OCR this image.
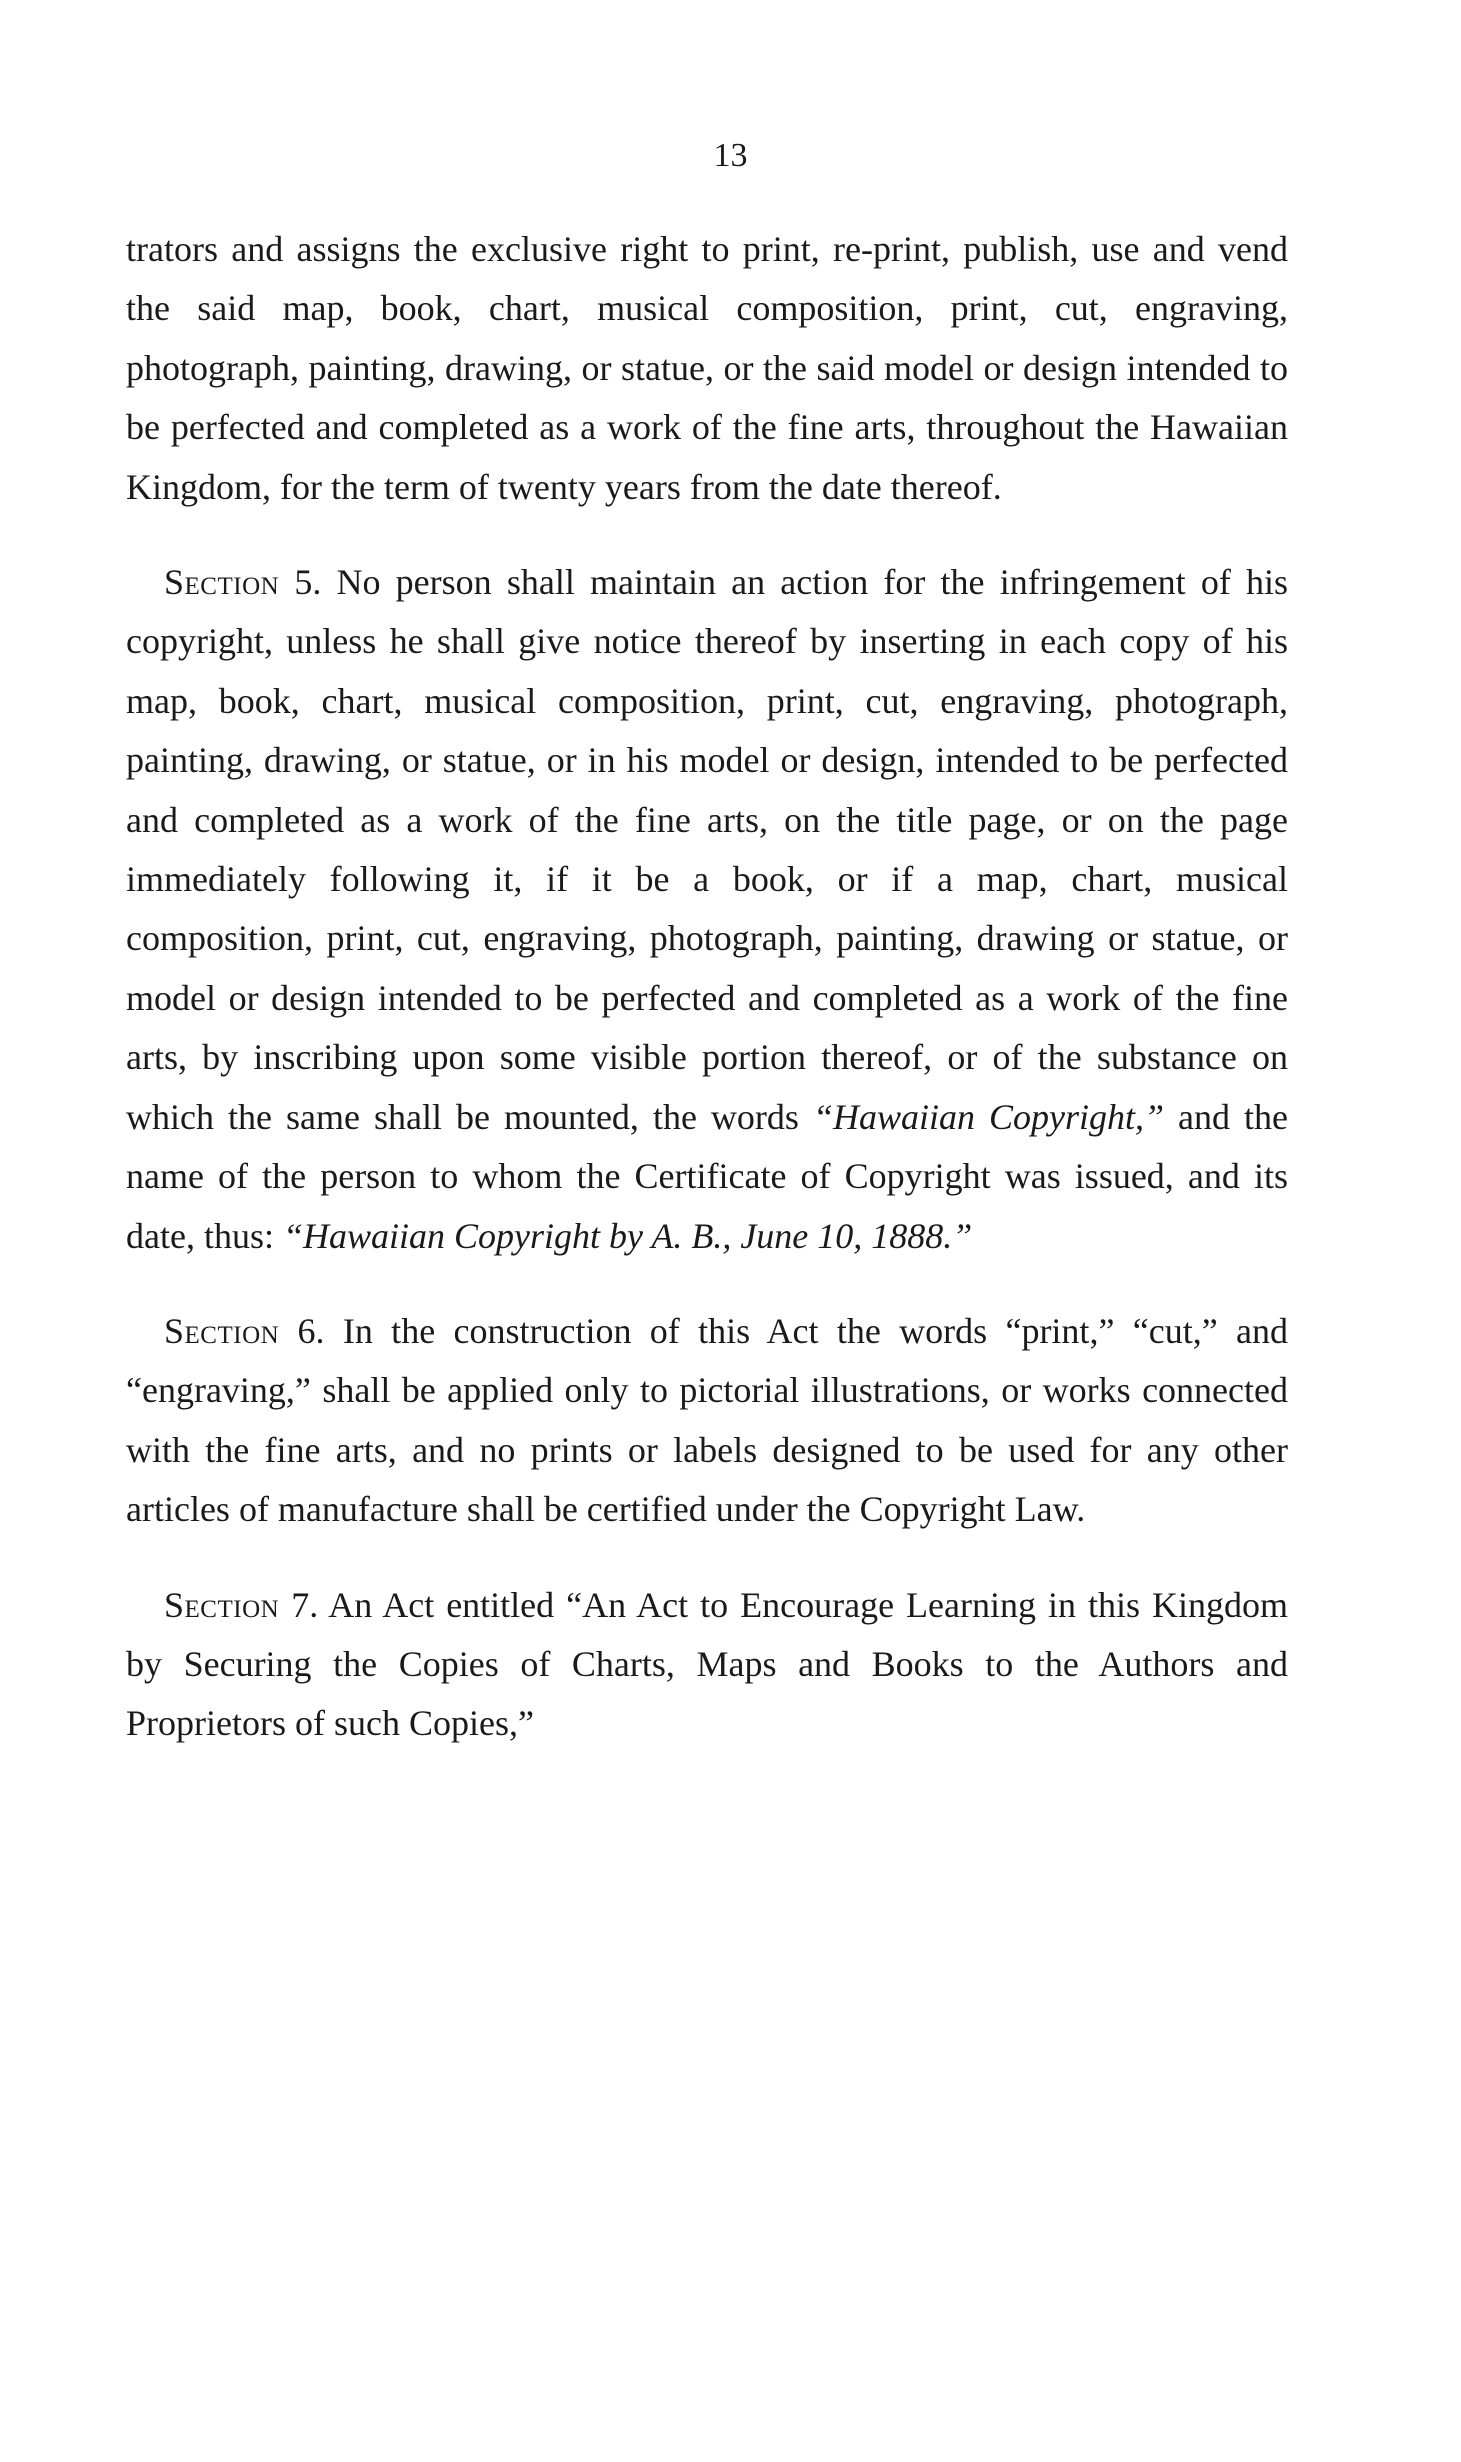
13

trators and assigns the exclusive right to print, re-print, publish, use and vend the said map, book, chart, musical composition, print, cut, engraving, photograph, painting, drawing, or statue, or the said model or design intended to be perfected and completed as a work of the fine arts, throughout the Hawaiian Kingdom, for the term of twenty years from the date thereof.

Section 5. No person shall maintain an action for the infringement of his copyright, unless he shall give notice thereof by inserting in each copy of his map, book, chart, musical composition, print, cut, engraving, photograph, painting, drawing, or statue, or in his model or design, intended to be perfected and completed as a work of the fine arts, on the title page, or on the page immediately following it, if it be a book, or if a map, chart, musical composition, print, cut, engraving, photograph, painting, drawing or statue, or model or design intended to be perfected and completed as a work of the fine arts, by inscribing upon some visible portion thereof, or of the substance on which the same shall be mounted, the words “Hawaiian Copyright,” and the name of the person to whom the Certificate of Copyright was issued, and its date, thus: “Hawaiian Copyright by A. B., June 10, 1888.”

Section 6. In the construction of this Act the words “print,” “cut,” and “engraving,” shall be applied only to pictorial illustrations, or works connected with the fine arts, and no prints or labels designed to be used for any other articles of manufacture shall be certified under the Copyright Law.

Section 7. An Act entitled “An Act to Encourage Learning in this Kingdom by Securing the Copies of Charts, Maps and Books to the Authors and Proprietors of such Copies,”
